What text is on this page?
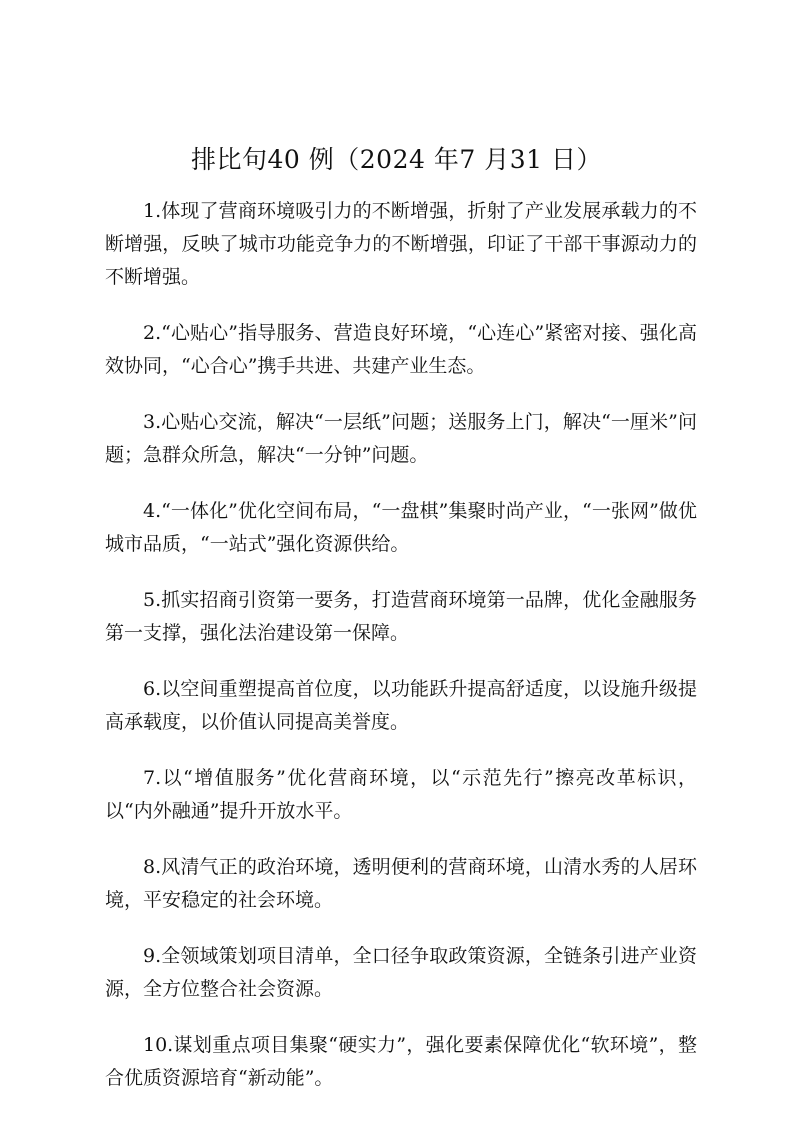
排比句40 例（2024 年7 月31 日）

1.体现了营商环境吸引力的不断增强，折射了产业发展承载力的不断增强，反映了城市功能竞争力的不断增强，印证了干部干事源动力的不断增强。

2.“心贴心”指导服务、营造良好环境，“心连心”紧密对接、强化高效协同，“心合心”携手共进、共建产业生态。

3.心贴心交流，解决“一层纸”问题；送服务上门，解决“一厘米”问题；急群众所急，解决“一分钟”问题。

4.“一体化”优化空间布局，“一盘棋”集聚时尚产业，“一张网”做优城市品质，“一站式”强化资源供给。

5.抓实招商引资第一要务，打造营商环境第一品牌，优化金融服务第一支撑，强化法治建设第一保障。

6.以空间重塑提高首位度，以功能跃升提高舒适度，以设施升级提高承载度，以价值认同提高美誉度。

7.以“增值服务”优化营商环境，以“示范先行”擦亮改革标识，以“内外融通”提升开放水平。

8.风清气正的政治环境，透明便利的营商环境，山清水秀的人居环境，平安稳定的社会环境。

9.全领域策划项目清单，全口径争取政策资源，全链条引进产业资源，全方位整合社会资源。

10.谋划重点项目集聚“硬实力”，强化要素保障优化“软环境”，整合优质资源培育“新动能”。
